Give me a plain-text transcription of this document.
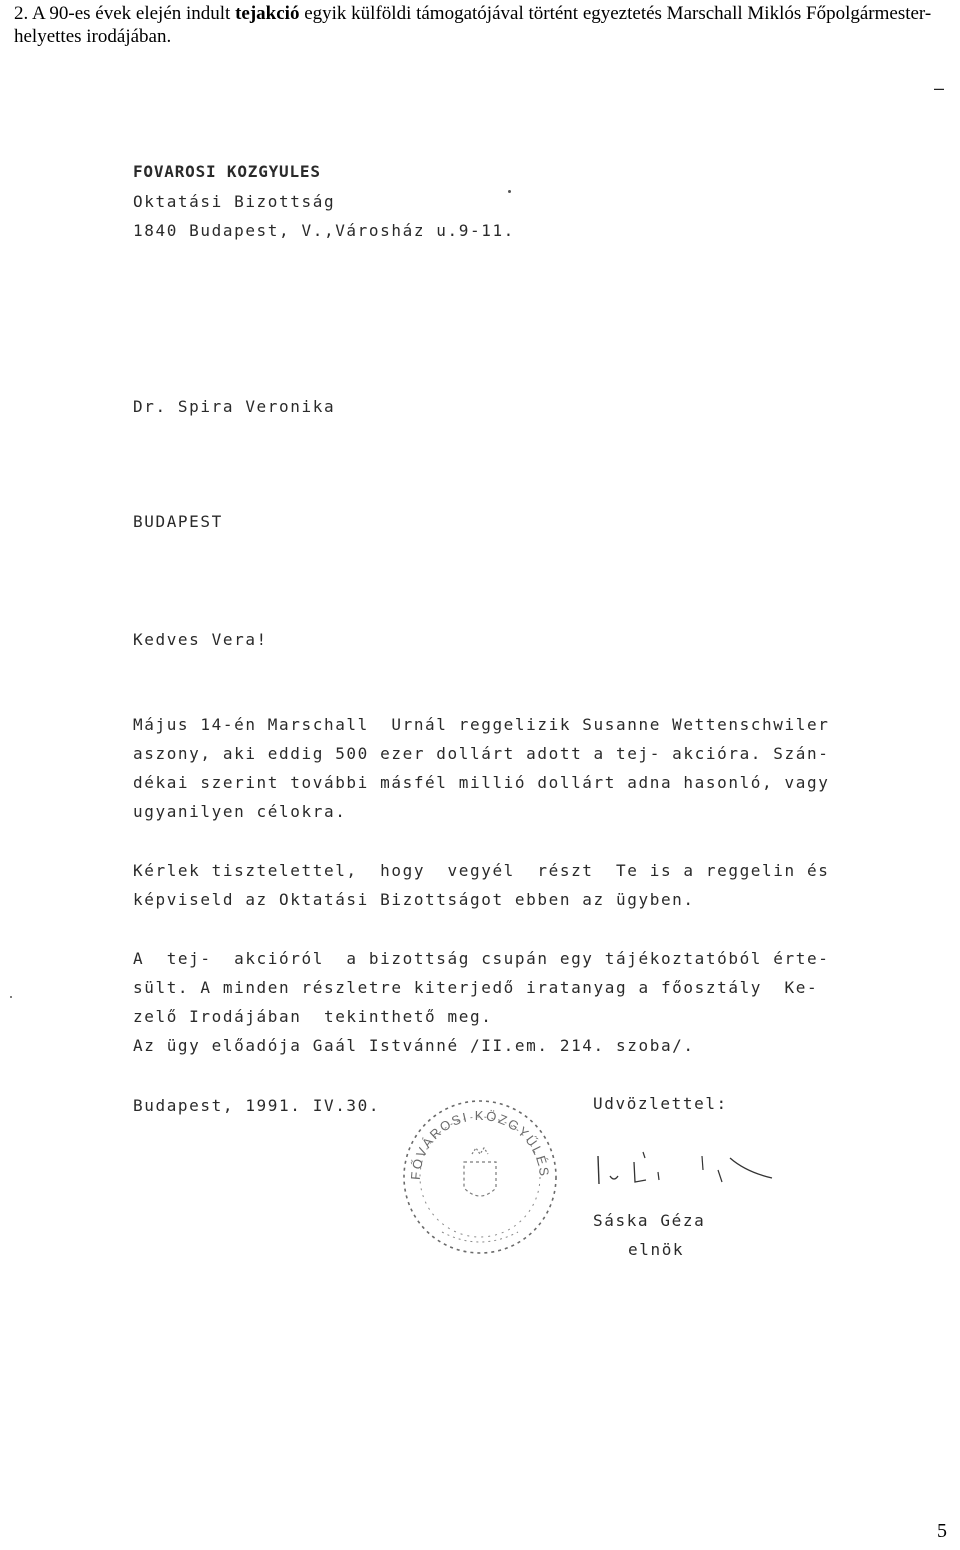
2. A 90-es évek elején indult tejakció egyik külföldi támogatójával történt egyeztetés Marschall Miklós Főpolgármester-helyettes irodájában.
–
FOVAROSI KOZGYULES
Oktatási Bizottság
1840 Budapest, V.,Városház u.9-11.
Dr. Spira Veronika
BUDAPEST
Kedves Vera!
Május 14-én Marschall  Urnál reggelizik Susanne Wettenschwiler
aszony, aki eddig 500 ezer dollárt adott a tej- akcióra. Szán-
dékai szerint további másfél millió dollárt adna hasonló, vagy
ugyanilyen célokra.
Kérlek tisztelettel,  hogy  vegyél  részt  Te is a reggelin és
képviseld az Oktatási Bizottságot ebben az ügyben.
A  tej-  akcióról  a bizottság csupán egy tájékoztatóból érte-
sült. A minden részletre kiterjedő iratanyag a főosztály  Ke-
zelő Irodájában  tekinthető meg.
Az ügy előadója Gaál Istvánné /II.em. 214. szoba/.
Budapest, 1991. IV.30.	Udvözlettel:
FŐVÁROSI KÖZGYŰLÉS
Sáska Géza
elnök
5
